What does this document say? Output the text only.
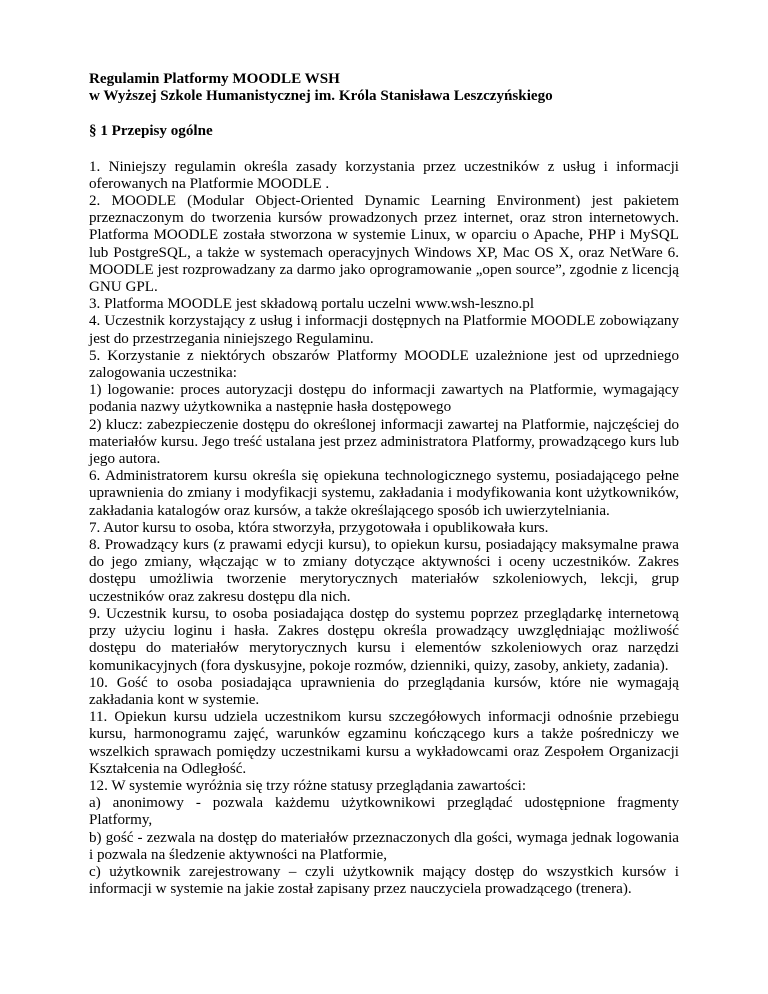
Regulamin Platformy MOODLE WSH
w Wyższej Szkole Humanistycznej im. Króla Stanisława Leszczyńskiego
§ 1 Przepisy ogólne

1. Niniejszy regulamin określa zasady korzystania przez uczestników z usług i informacji oferowanych na Platformie MOODLE .

2. MOODLE (Modular Object-Oriented Dynamic Learning Environment) jest pakietem przeznaczonym do tworzenia kursów prowadzonych przez internet, oraz stron internetowych. Platforma MOODLE została stworzona w systemie Linux, w oparciu o Apache, PHP i MySQL lub PostgreSQL, a także w systemach operacyjnych Windows XP, Mac OS X, oraz NetWare 6. MOODLE jest rozprowadzany za darmo jako oprogramowanie „open source”, zgodnie z licencją GNU GPL.

3. Platforma MOODLE jest składową portalu uczelni www.wsh-leszno.pl

4. Uczestnik korzystający z usług i informacji dostępnych na Platformie MOODLE zobowiązany jest do przestrzegania niniejszego Regulaminu.

5. Korzystanie z niektórych obszarów Platformy MOODLE uzależnione jest od uprzedniego zalogowania uczestnika:

1) logowanie: proces autoryzacji dostępu do informacji zawartych na Platformie, wymagający podania nazwy użytkownika a następnie hasła dostępowego

2) klucz: zabezpieczenie dostępu do określonej informacji zawartej na Platformie, najczęściej do materiałów kursu. Jego treść ustalana jest przez administratora Platformy, prowadzącego kurs lub jego autora.

6. Administratorem kursu określa się opiekuna technologicznego systemu, posiadającego pełne uprawnienia do zmiany i modyfikacji systemu, zakładania i modyfikowania kont użytkowników, zakładania katalogów oraz kursów, a także określającego sposób ich uwierzytelniania.

7. Autor kursu to osoba, która stworzyła, przygotowała i opublikowała kurs.

8. Prowadzący kurs (z prawami edycji kursu), to opiekun kursu, posiadający maksymalne prawa do jego zmiany, włączając w to zmiany dotyczące aktywności i oceny uczestników. Zakres dostępu umożliwia tworzenie merytorycznych materiałów szkoleniowych, lekcji, grup uczestników oraz zakresu dostępu dla nich.

9. Uczestnik kursu, to osoba posiadająca dostęp do systemu poprzez przeglądarkę internetową przy użyciu loginu i hasła. Zakres dostępu określa prowadzący uwzględniając możliwość dostępu do materiałów merytorycznych kursu i elementów szkoleniowych oraz narzędzi komunikacyjnych (fora dyskusyjne, pokoje rozmów, dzienniki, quizy, zasoby, ankiety, zadania).

10. Gość to osoba posiadająca uprawnienia do przeglądania kursów, które nie wymagają zakładania kont w systemie.

11. Opiekun kursu udziela uczestnikom kursu szczegółowych informacji odnośnie przebiegu kursu, harmonogramu zajęć, warunków egzaminu kończącego kurs a także pośredniczy we wszelkich sprawach pomiędzy uczestnikami kursu a wykładowcami oraz Zespołem Organizacji Kształcenia na Odległość.

12. W systemie wyróżnia się trzy różne statusy przeglądania zawartości:

a) anonimowy - pozwala każdemu użytkownikowi przeglądać udostępnione fragmenty Platformy,

b) gość - zezwala na dostęp do materiałów przeznaczonych dla gości, wymaga jednak logowania i pozwala na śledzenie aktywności na Platformie,

c) użytkownik zarejestrowany – czyli użytkownik mający dostęp do wszystkich kursów i informacji w systemie na jakie został zapisany przez nauczyciela prowadzącego (trenera).
